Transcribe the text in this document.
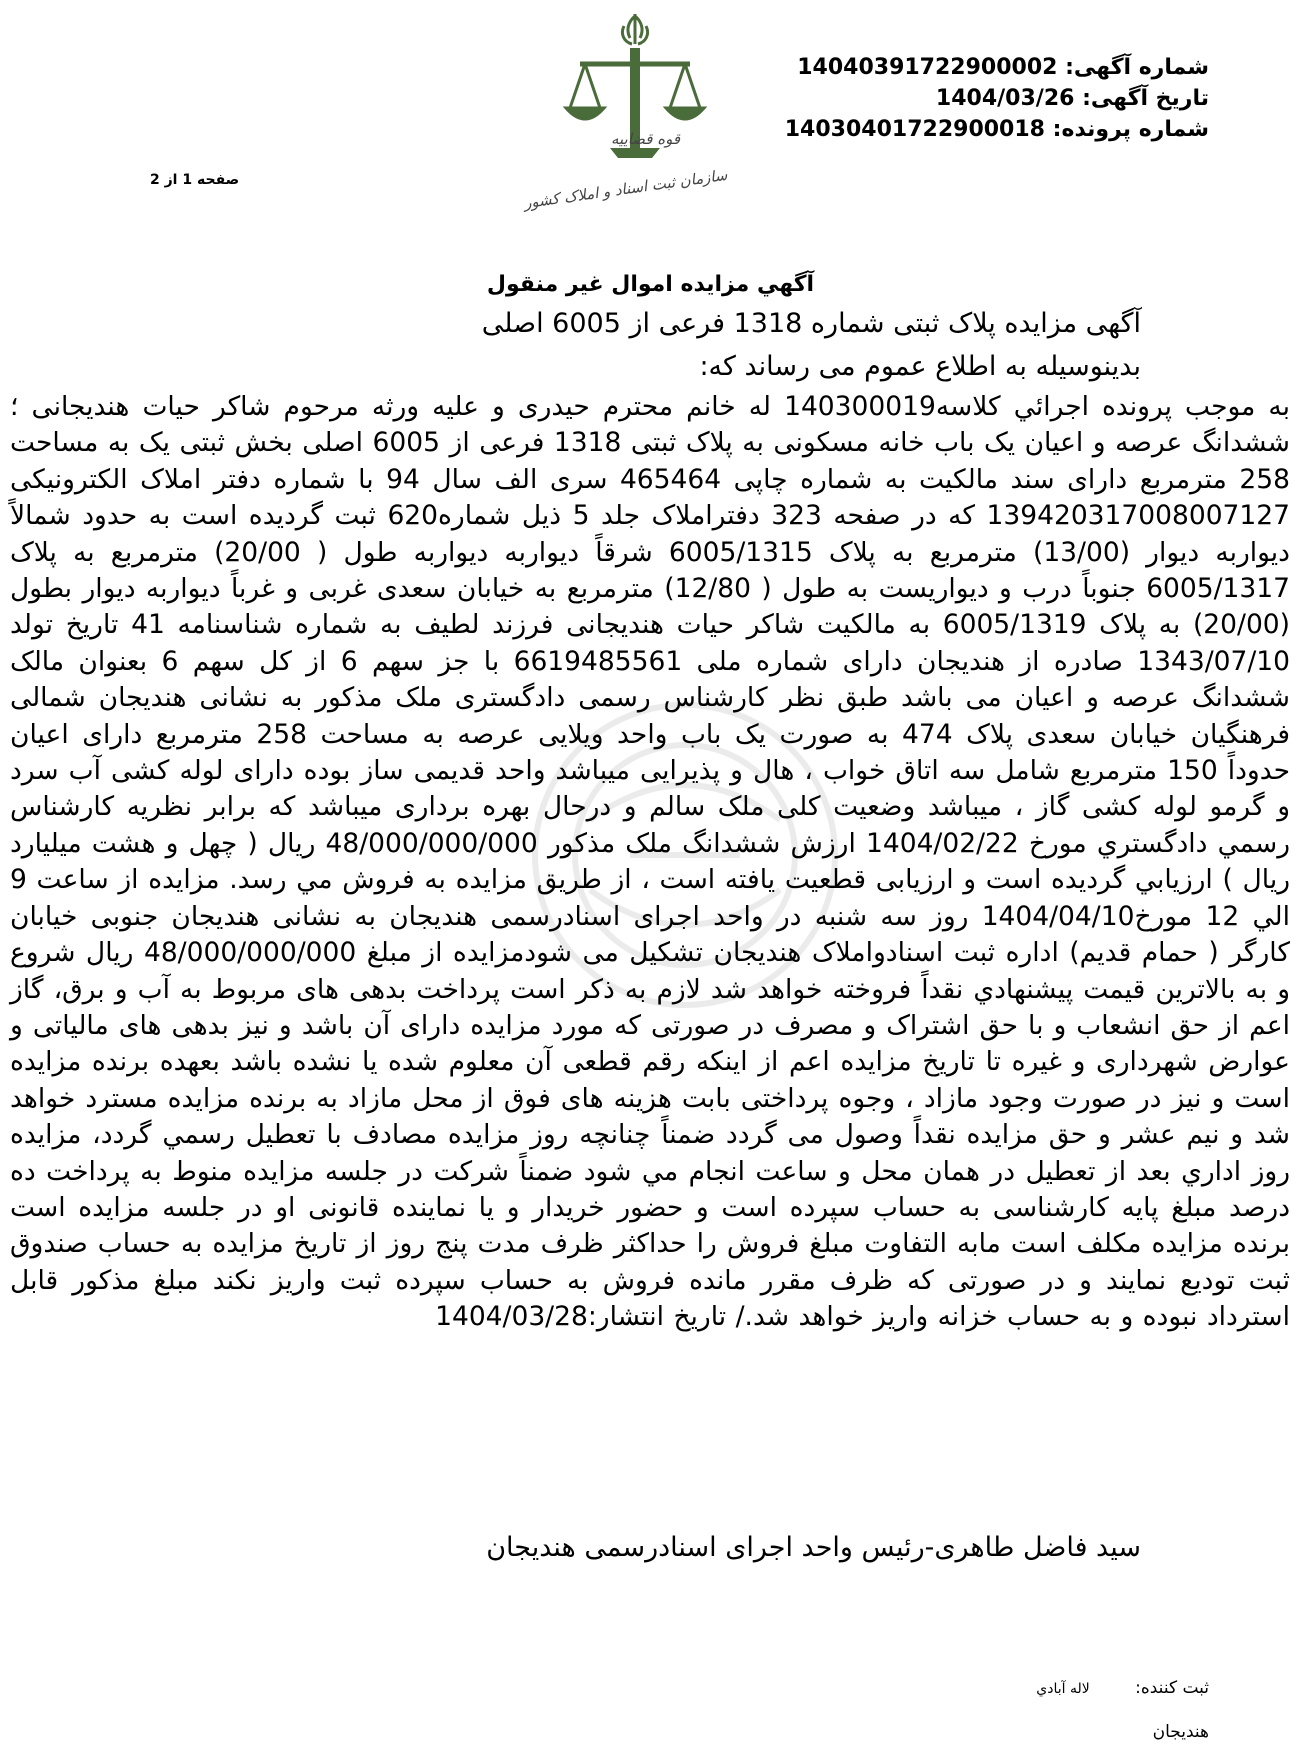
شماره آگهی: 14040391722900002
تاریخ آگهی: 1404/03/26
شماره پرونده: 14030401722900018
صفحه 1 از 2
قوه قضاییه
سازمان ثبت اسناد و املاک کشور
آگهي مزايده اموال غير منقول
آگهی مزایده پلاک ثبتی شماره 1318 فرعی از 6005 اصلی
بدینوسیله به اطلاع عموم می رساند که:
به موجب پرونده اجرائي كلاسه140300019 له خانم محترم حیدری و علیه ورثه مرحوم شاکر حیات هندیجانی ؛ ششدانگ عرصه و اعیان یک باب خانه مسکونی به پلاک ثبتی 1318 فرعی از 6005 اصلی بخش ثبتی یک به مساحت 258 مترمربع دارای سند مالکیت به شماره چاپی 465464 سری الف سال 94 با شماره دفتر املاک الکترونیکی 139420317008007127 که در صفحه 323 دفتراملاک جلد 5 ذیل شماره620 ثبت گردیده است به حدود شمالاً دیواربه دیوار (13/00) مترمربع به پلاک 6005/1315 شرقاً دیواربه دیواربه طول ( 20/00) مترمربع به پلاک 6005/1317 جنوباً درب و دیواریست به طول ( 12/80) مترمربع به خیابان سعدی غربی و غرباً دیواربه دیوار بطول (20/00) به پلاک 6005/1319 به مالکیت شاکر حیات هندیجانی فرزند لطیف به شماره شناسنامه 41 تاریخ تولد 1343/07/10 صادره از هندیجان دارای شماره ملی 6619485561 با جز سهم 6 از کل سهم 6 بعنوان مالک ششدانگ عرصه و اعیان می باشد طبق نظر کارشناس رسمی دادگستری ملک مذکور به نشانی هندیجان شمالی فرهنگیان خیابان سعدی پلاک 474 به صورت یک باب واحد ویلایی عرصه به مساحت 258 مترمربع دارای اعیان حدوداً 150 مترمربع شامل سه اتاق خواب ، هال و پذیرایی میباشد واحد قدیمی ساز بوده دارای لوله کشی آب سرد و گرمو لوله کشی گاز ، میباشد وضعیت کلی ملک سالم و درحال بهره برداری میباشد که برابر نظریه کارشناس رسمي دادگستري مورخ 1404/02/22 ارزش ششدانگ ملک مذکور 48/000/000/000 ريال ( چهل و هشت ميليارد ريال ) ارزيابي گرديده است و ارزيابی قطعيت يافته است ، از طريق مزايده به فروش مي رسد. مزايده از ساعت 9 الي 12 مورخ1404/04/10 روز سه شنبه در واحد اجرای اسنادرسمی هندیجان به نشانی هندیجان جنوبی خیابان کارگر ( حمام قدیم) اداره ثبت اسنادواملاک هندیجان تشکیل می شودمزايده از مبلغ 48/000/000/000 ريال شروع و به بالاترين قيمت پيشنهادي نقداً فروخته خواهد شد لازم به ذکر است پرداخت بدهی های مربوط به آب و برق، گاز اعم از حق انشعاب و با حق اشتراک و مصرف در صورتی که مورد مزایده دارای آن باشد و نیز بدهی های مالیاتی و عوارض شهرداری و غیره تا تاریخ مزایده اعم از اینکه رقم قطعی آن معلوم شده یا نشده باشد بعهده برنده مزایده است و نیز در صورت وجود مازاد ، وجوه پرداختی بابت هزینه های فوق از محل مازاد به برنده مزایده مسترد خواهد شد و نیم عشر و حق مزایده نقداً وصول می گردد ضمناً چنانچه روز مزايده مصادف با تعطيل رسمي گردد، مزايده روز اداري بعد از تعطيل در همان محل و ساعت انجام مي شود ضمناً شرکت در جلسه مزایده منوط به پرداخت ده درصد مبلغ پایه کارشناسی به حساب سپرده است و حضور خریدار و یا نماینده قانونی او در جلسه مزایده است برنده مزایده مکلف است مابه التفاوت مبلغ فروش را حداکثر ظرف مدت پنج روز از تاریخ مزایده به حساب صندوق ثبت تودیع نمایند و در صورتی که ظرف مقرر مانده فروش به حساب سپرده ثبت واریز نکند مبلغ مذکور قابل استرداد نبوده و به حساب خزانه واریز خواهد شد./ تاریخ انتشار:1404/03/28
سید فاضل طاهری-رئیس واحد اجرای اسنادرسمی هندیجان
ثبت کننده: لاله آبادي
هندیجان
